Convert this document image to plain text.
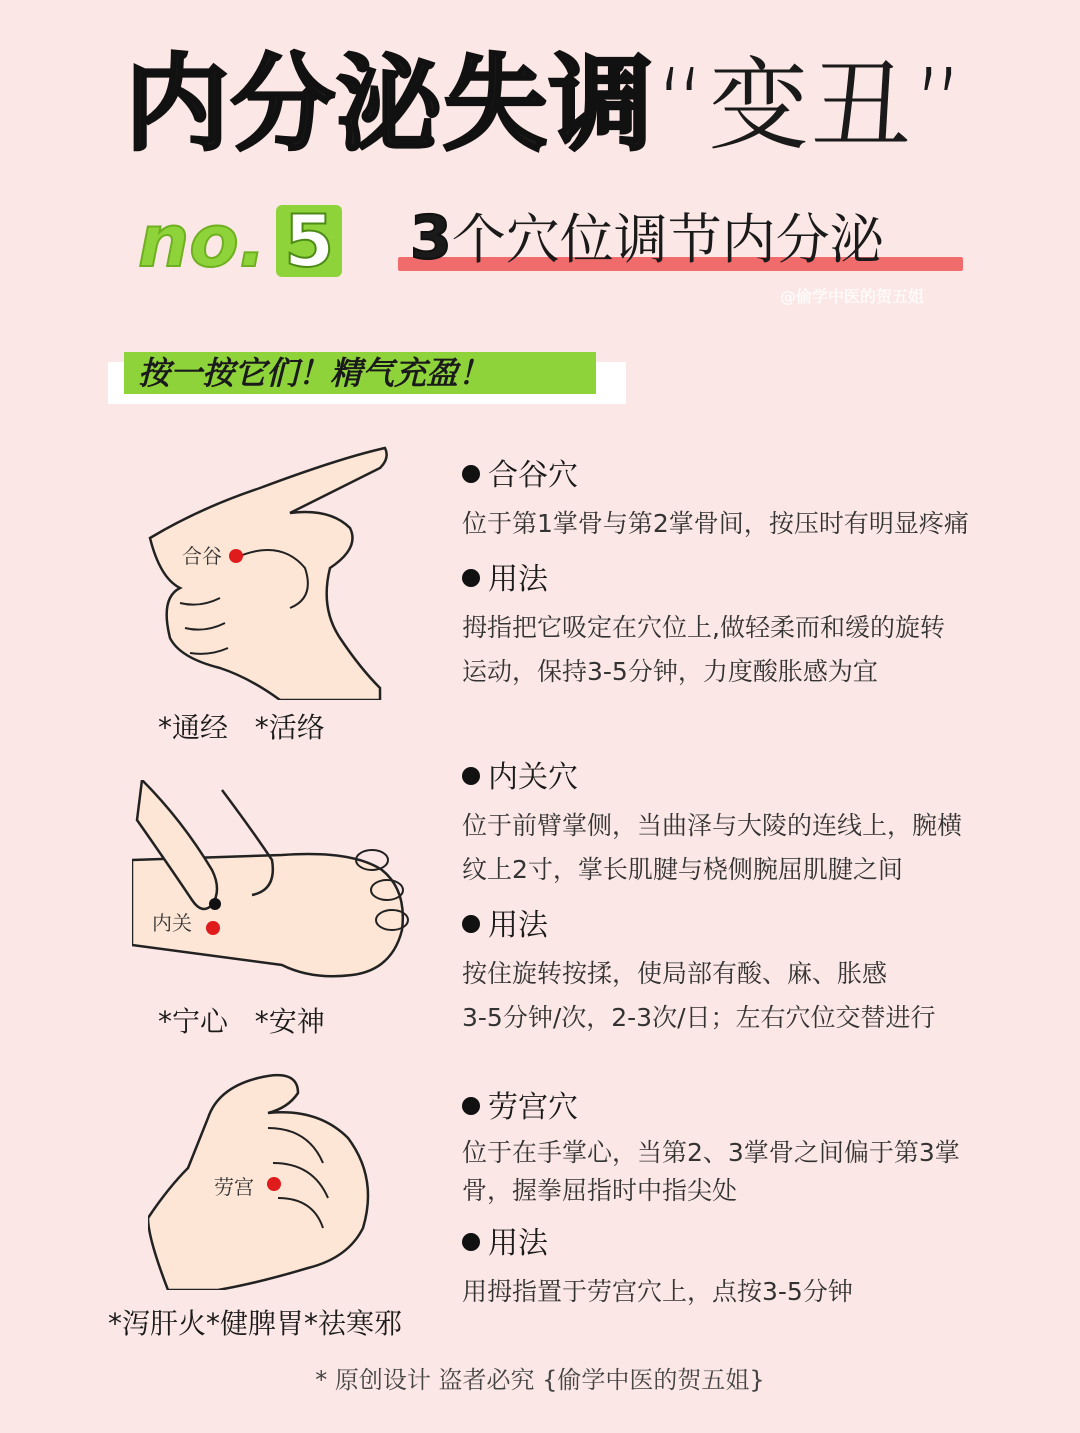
内分泌失调“变丑”
no. 5 3个穴位调节内分泌
@偷学中医的贺五姐
按一按它们！精气充盈！
合谷
*通经 *活络
合谷穴
位于第1掌骨与第2掌骨间，按压时有明显疼痛
用法
拇指把它吸定在穴位上,做轻柔而和缓的旋转
运动，保持3-5分钟，力度酸胀感为宜
内关
*宁心 *安神
内关穴
位于前臂掌侧，当曲泽与大陵的连线上，腕横
纹上2寸，掌长肌腱与桡侧腕屈肌腱之间
用法
按住旋转按揉，使局部有酸、麻、胀感
3-5分钟/次，2-3次/日；左右穴位交替进行
劳宫
*泻肝火*健脾胃*祛寒邪
劳宫穴
位于在手掌心，当第2、3掌骨之间偏于第3掌
骨，握拳屈指时中指尖处
用法
用拇指置于劳宫穴上，点按3-5分钟
* 原创设计 盗者必究 {偷学中医的贺五姐}
